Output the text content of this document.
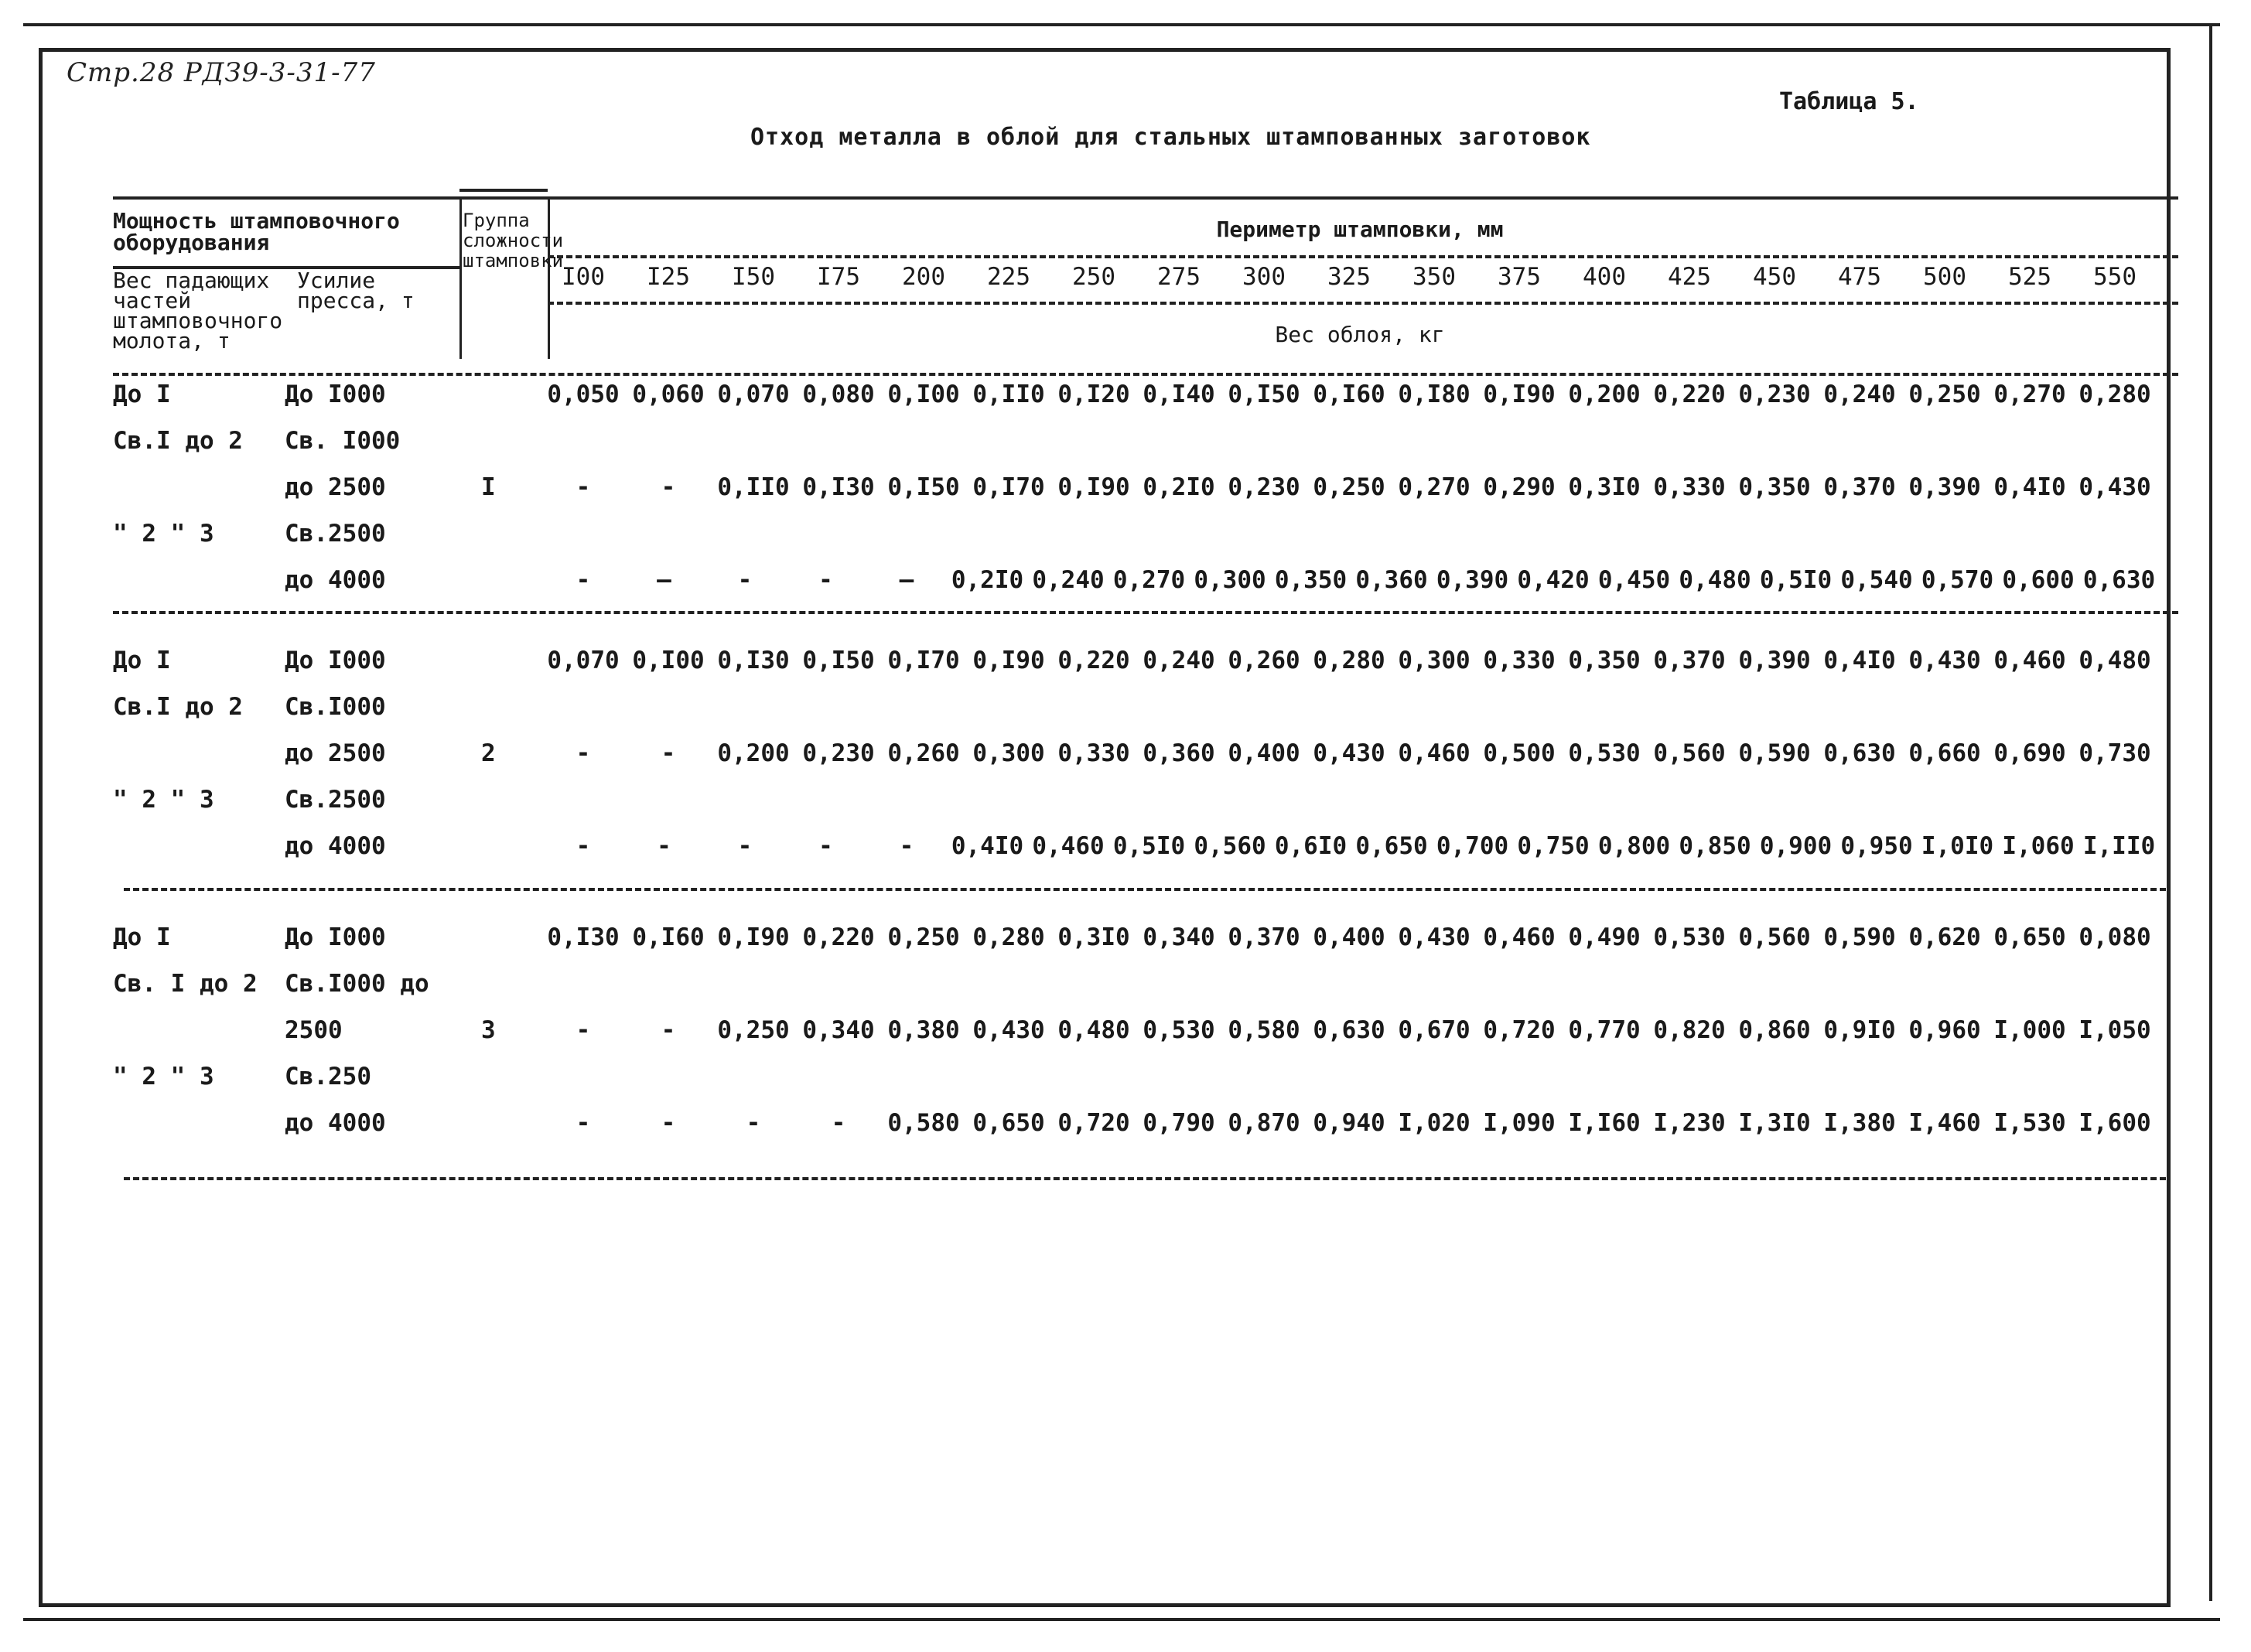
Стр.28 РДЗ9-3-31-77
Таблица 5.
Отход металла в облой для стальных штампованных заготовок
Мощность штамповочного оборудования
Вес падающих частей штамповочного молота, т
Усилие пресса, т
Группа сложности штамповки
Периметр штамповки, мм
Вес облоя, кг
I00	I25	I50	I75	200	225	250	275	300	325	350	375	400	425	450	475	500	525	550
До I	До I000	0,050 0,060 0,070 0,080 0,I00 0,II0 0,I20 0,I40 0,I50 0,I60 0,I80 0,I90 0,200 0,220 0,230 0,240 0,250 0,270 0,280
Св.I до 2 Св. I000
до 2500	I	-	-	0,II0 0,I30 0,I50 0,I70 0,I90 0,2I0 0,230 0,250 0,270 0,290 0,3I0 0,330 0,350 0,370 0,390 0,4I0 0,430
" 2 " 3	Св.2500
до 4000	-	—	-	-	—	0,2I0 0,240 0,270 0,300 0,350 0,360 0,390 0,420 0,450 0,480 0,5I0 0,540 0,570 0,600 0,630
До I	До I000	0,070 0,I00 0,I30 0,I50 0,I70 0,I90 0,220 0,240 0,260 0,280 0,300 0,330 0,350 0,370 0,390 0,4I0 0,430 0,460 0,480
Св.I до 2 Св.I000
до 2500	2	-	-	0,200 0,230 0,260 0,300 0,330 0,360 0,400 0,430 0,460 0,500 0,530 0,560 0,590 0,630 0,660 0,690 0,730
" 2 " 3	Св.2500
до 4000	-	-	-	-	-	0,4I0 0,460 0,5I0 0,560 0,6I0 0,650 0,700 0,750 0,800 0,850 0,900 0,950 I,0I0 I,060 I,II0
До I	До I000	0,I30 0,I60 0,I90 0,220 0,250 0,280 0,3I0 0,340 0,370 0,400 0,430 0,460 0,490 0,530 0,560 0,590 0,620 0,650 0,080
Св. I до 2 Св.I000 до
2500	3	-	-	0,250 0,340 0,380 0,430 0,480 0,530 0,580 0,630 0,670 0,720 0,770 0,820 0,860 0,9I0 0,960 I,000 I,050
" 2 " 3	Св.250
до 4000	-	-	-	-	0,580 0,650 0,720 0,790 0,870 0,940 I,020 I,090 I,I60 I,230 I,3I0 I,380 I,460 I,530 I,600
